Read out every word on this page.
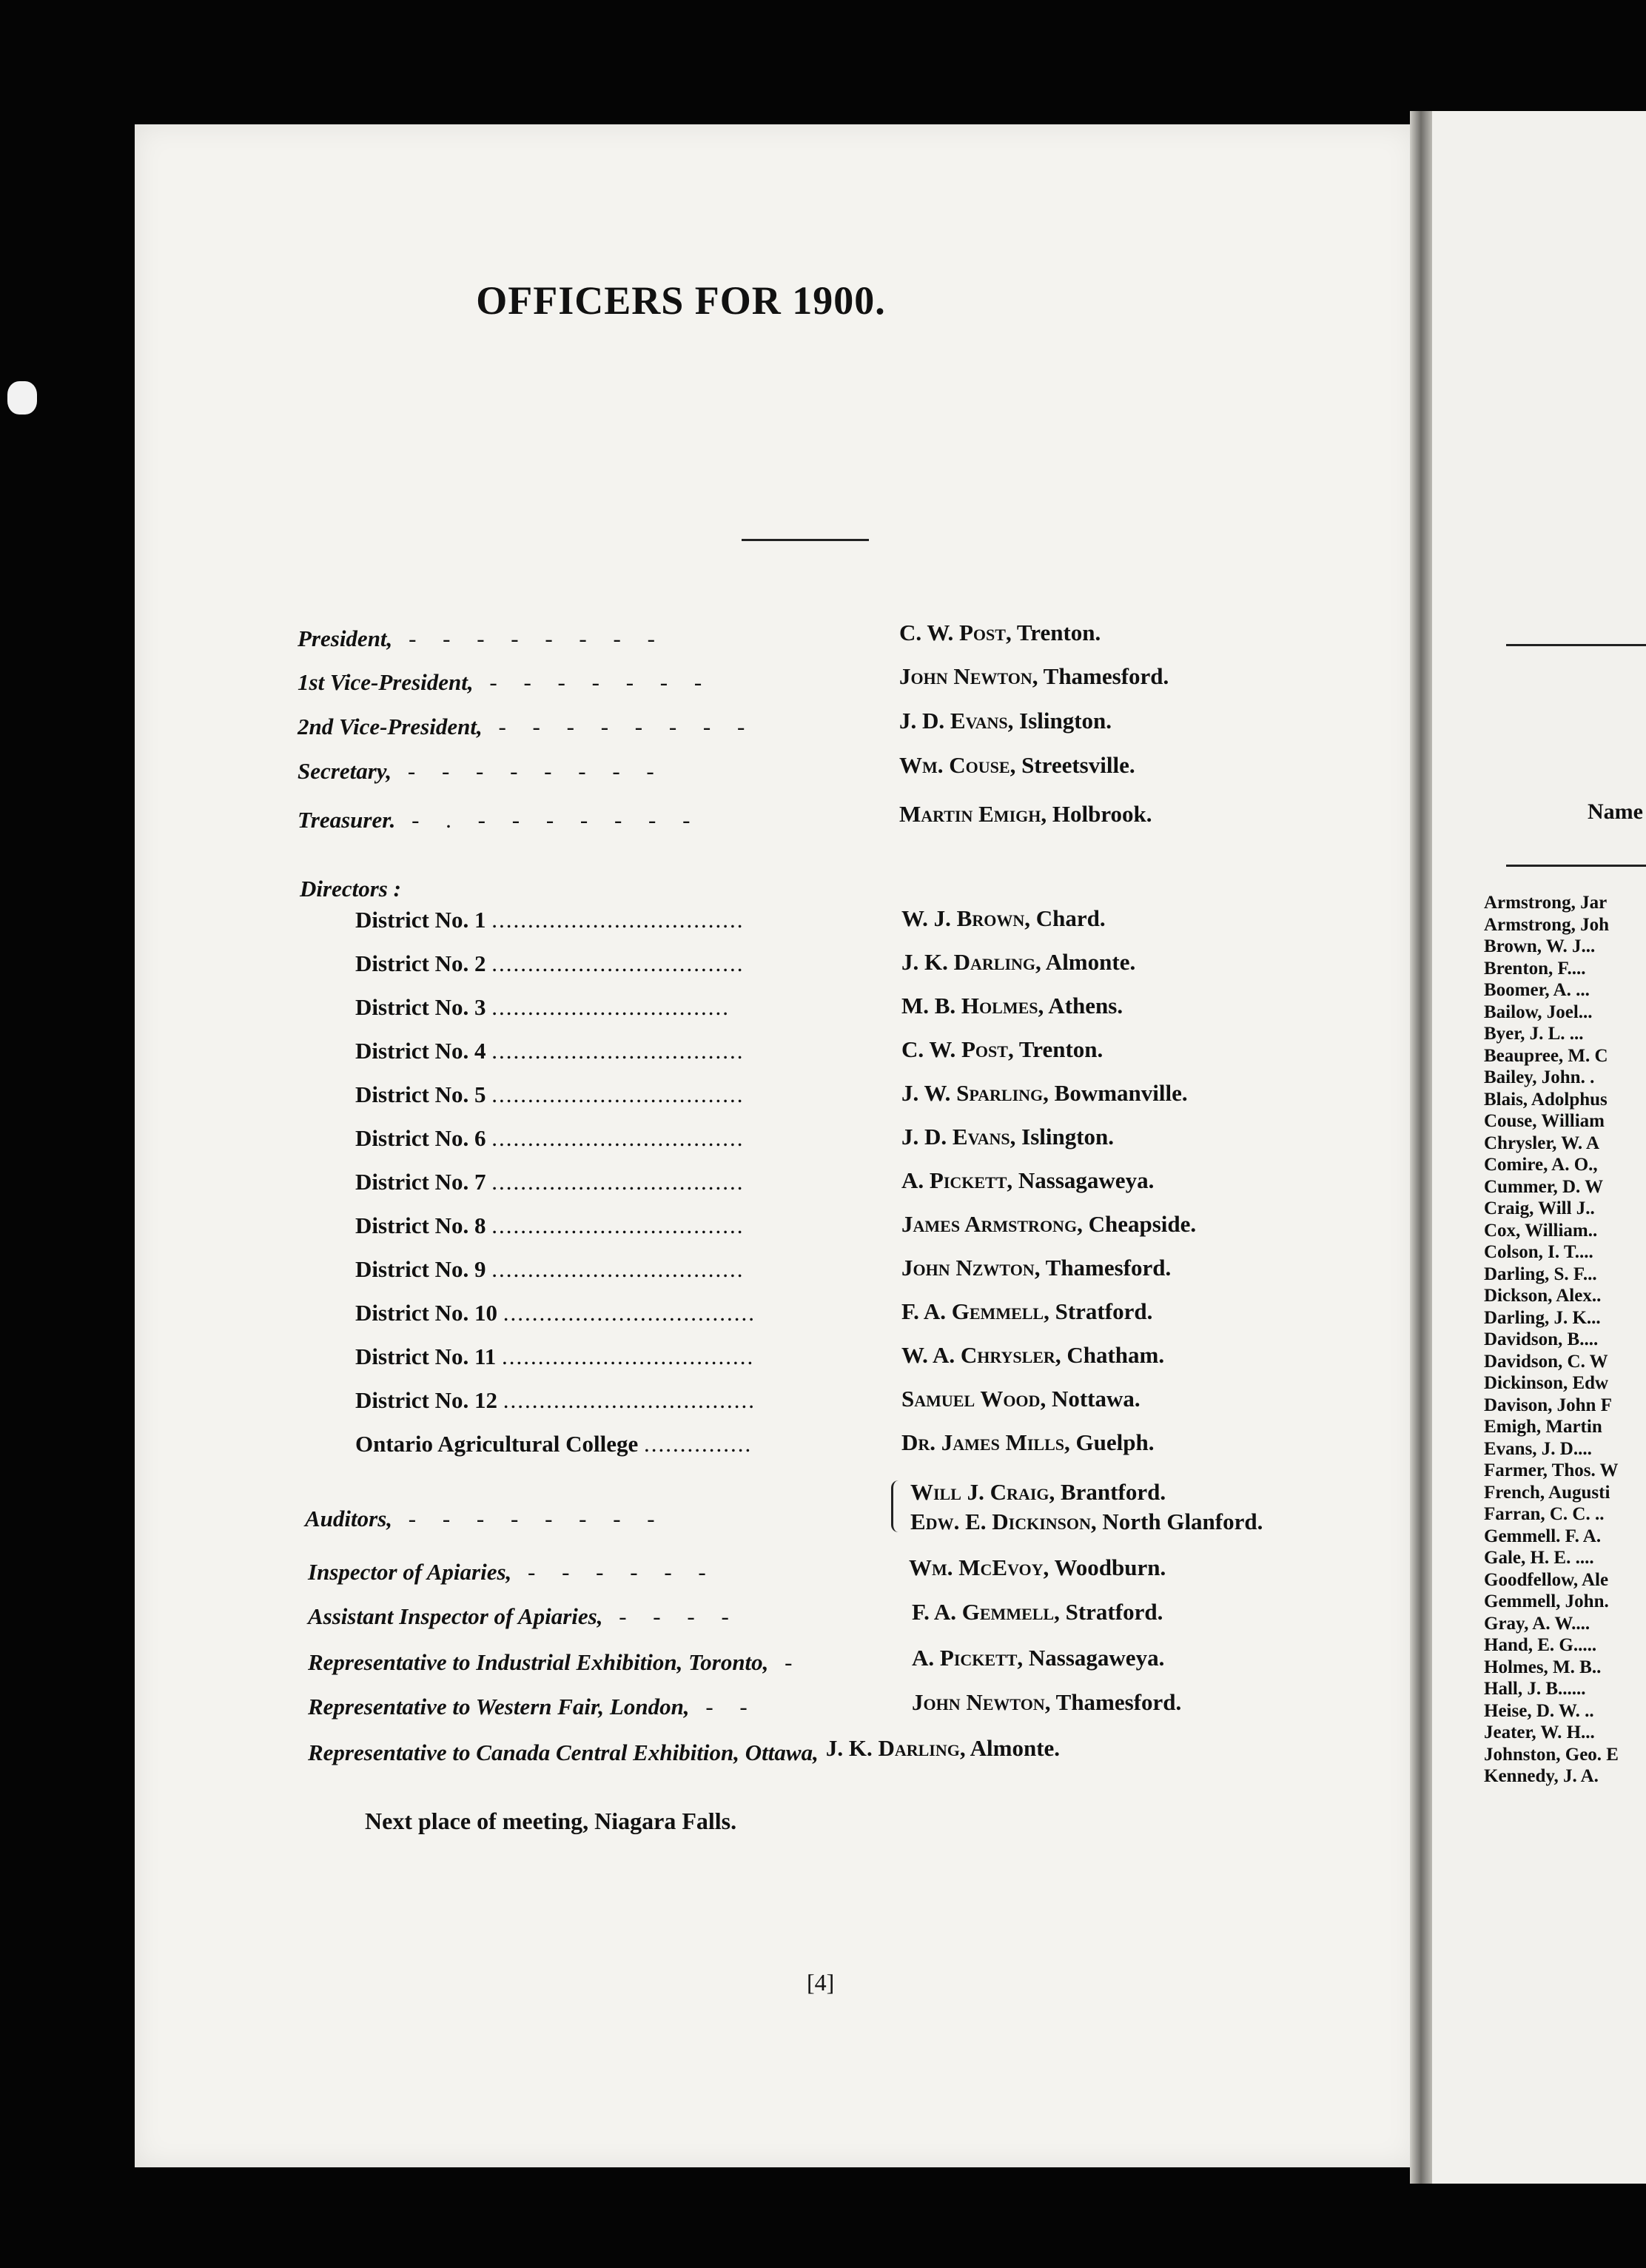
Name
Armstrong, Jar
Armstrong, Joh
Brown, W. J...
Brenton, F....
Boomer, A. ...
Bailow, Joel...
Byer, J. L. ...
Beaupree, M. C
Bailey, John. .
Blais, Adolphus
Couse, William
Chrysler, W. A
Comire, A. O.,
Cummer, D. W
Craig, Will J..
Cox, William..
Colson, I. T....
Darling, S. F...
Dickson, Alex..
Darling, J. K...
Davidson, B....
Davidson, C. W
Dickinson, Edw
Davison, John F
Emigh, Martin
Evans, J. D....
Farmer, Thos. W
French, Augusti
Farran, C. C. ..
Gemmell. F. A.
Gale, H. E. ....
Goodfellow, Ale
Gemmell, John.
Gray, A. W....
Hand, E. G.....
Holmes, M. B..
Hall, J. B......
Heise, D. W. ..
Jeater, W. H...
Johnston, Geo. E
Kennedy, J. A.
OFFICERS FOR 1900.
President, - - - - - - - -	C. W. Post, Trenton.
1st Vice-President, - - - - - - -	John Newton, Thamesford.
2nd Vice-President, - - - - - - - -	J. D. Evans, Islington.
Secretary, - - - - - - - -	Wm. Couse, Streetsville.
Treasurer. - . - - - - - - -	Martin Emigh, Holbrook.
Directors :
District No. 1 ...................................	W. J. Brown, Chard.
District No. 2 ...................................	J. K. Darling, Almonte.
District No. 3 .................................	M. B. Holmes, Athens.
District No. 4 ...................................	C. W. Post, Trenton.
District No. 5 ...................................	J. W. Sparling, Bowmanville.
District No. 6 ...................................	J. D. Evans, Islington.
District No. 7 ...................................	A. Pickett, Nassagaweya.
District No. 8 ...................................	James Armstrong, Cheapside.
District No. 9 ...................................	John Nzwton, Thamesford.
District No. 10 ...................................	F. A. Gemmell, Stratford.
District No. 11 ...................................	W. A. Chrysler, Chatham.
District No. 12 ...................................	Samuel Wood, Nottawa.
Ontario Agricultural College ...............	Dr. James Mills, Guelph.
Auditors, - - - - - - - -
Will J. Craig, Brantford.
Edw. E. Dickinson, North Glanford.
Inspector of Apiaries, - - - - - -	Wm. McEvoy, Woodburn.
Assistant Inspector of Apiaries, - - - -	F. A. Gemmell, Stratford.
Representative to Industrial Exhibition, Toronto, -	A. Pickett, Nassagaweya.
Representative to Western Fair, London, - -	John Newton, Thamesford.
Representative to Canada Central Exhibition, Ottawa, J. K. Darling, Almonte.
Next place of meeting, Niagara Falls.
[4]
